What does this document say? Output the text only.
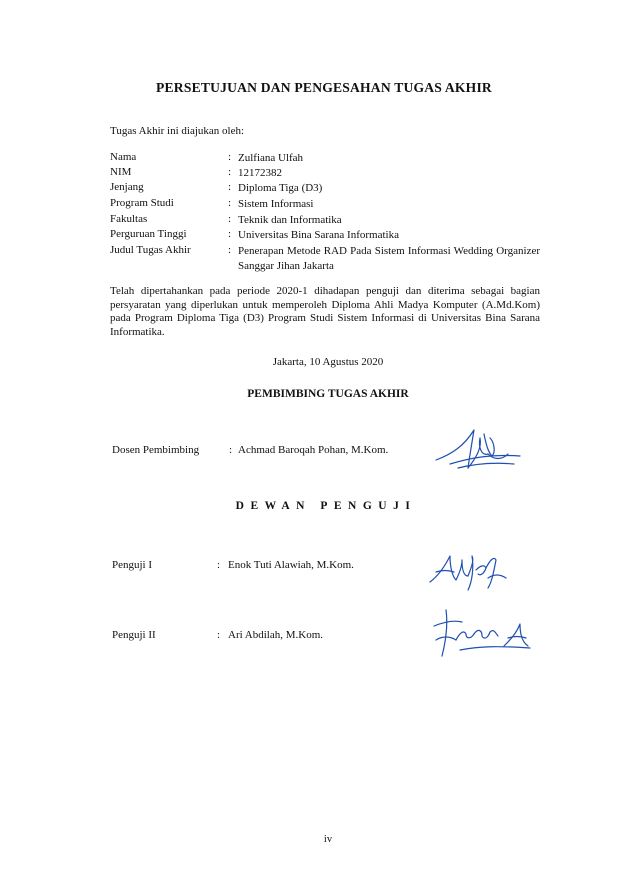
PERSETUJUAN DAN PENGESAHAN TUGAS AKHIR
Tugas Akhir ini diajukan oleh:
Nama	: Zulfiana Ulfah
NIM	: 12172382
Jenjang	: Diploma Tiga (D3)
Program Studi	: Sistem Informasi
Fakultas	: Teknik dan Informatika
Perguruan Tinggi	: Universitas Bina Sarana Informatika
Judul Tugas Akhir	: Penerapan Metode RAD Pada Sistem Informasi Wedding Organizer Sanggar Jihan Jakarta
Telah dipertahankan pada periode 2020-1 dihadapan penguji dan diterima sebagai bagian persyaratan yang diperlukan untuk memperoleh Diploma Ahli Madya Komputer (A.Md.Kom) pada Program Diploma Tiga (D3) Program Studi Sistem Informasi di Universitas Bina Sarana Informatika.
Jakarta, 10 Agustus 2020
PEMBIMBING TUGAS AKHIR
Dosen Pembimbing	: Achmad Baroqah Pohan, M.Kom.
DEWAN PENGUJI
Penguji I	: Enok Tuti Alawiah, M.Kom.
Penguji II	: Ari Abdilah, M.Kom.
iv
